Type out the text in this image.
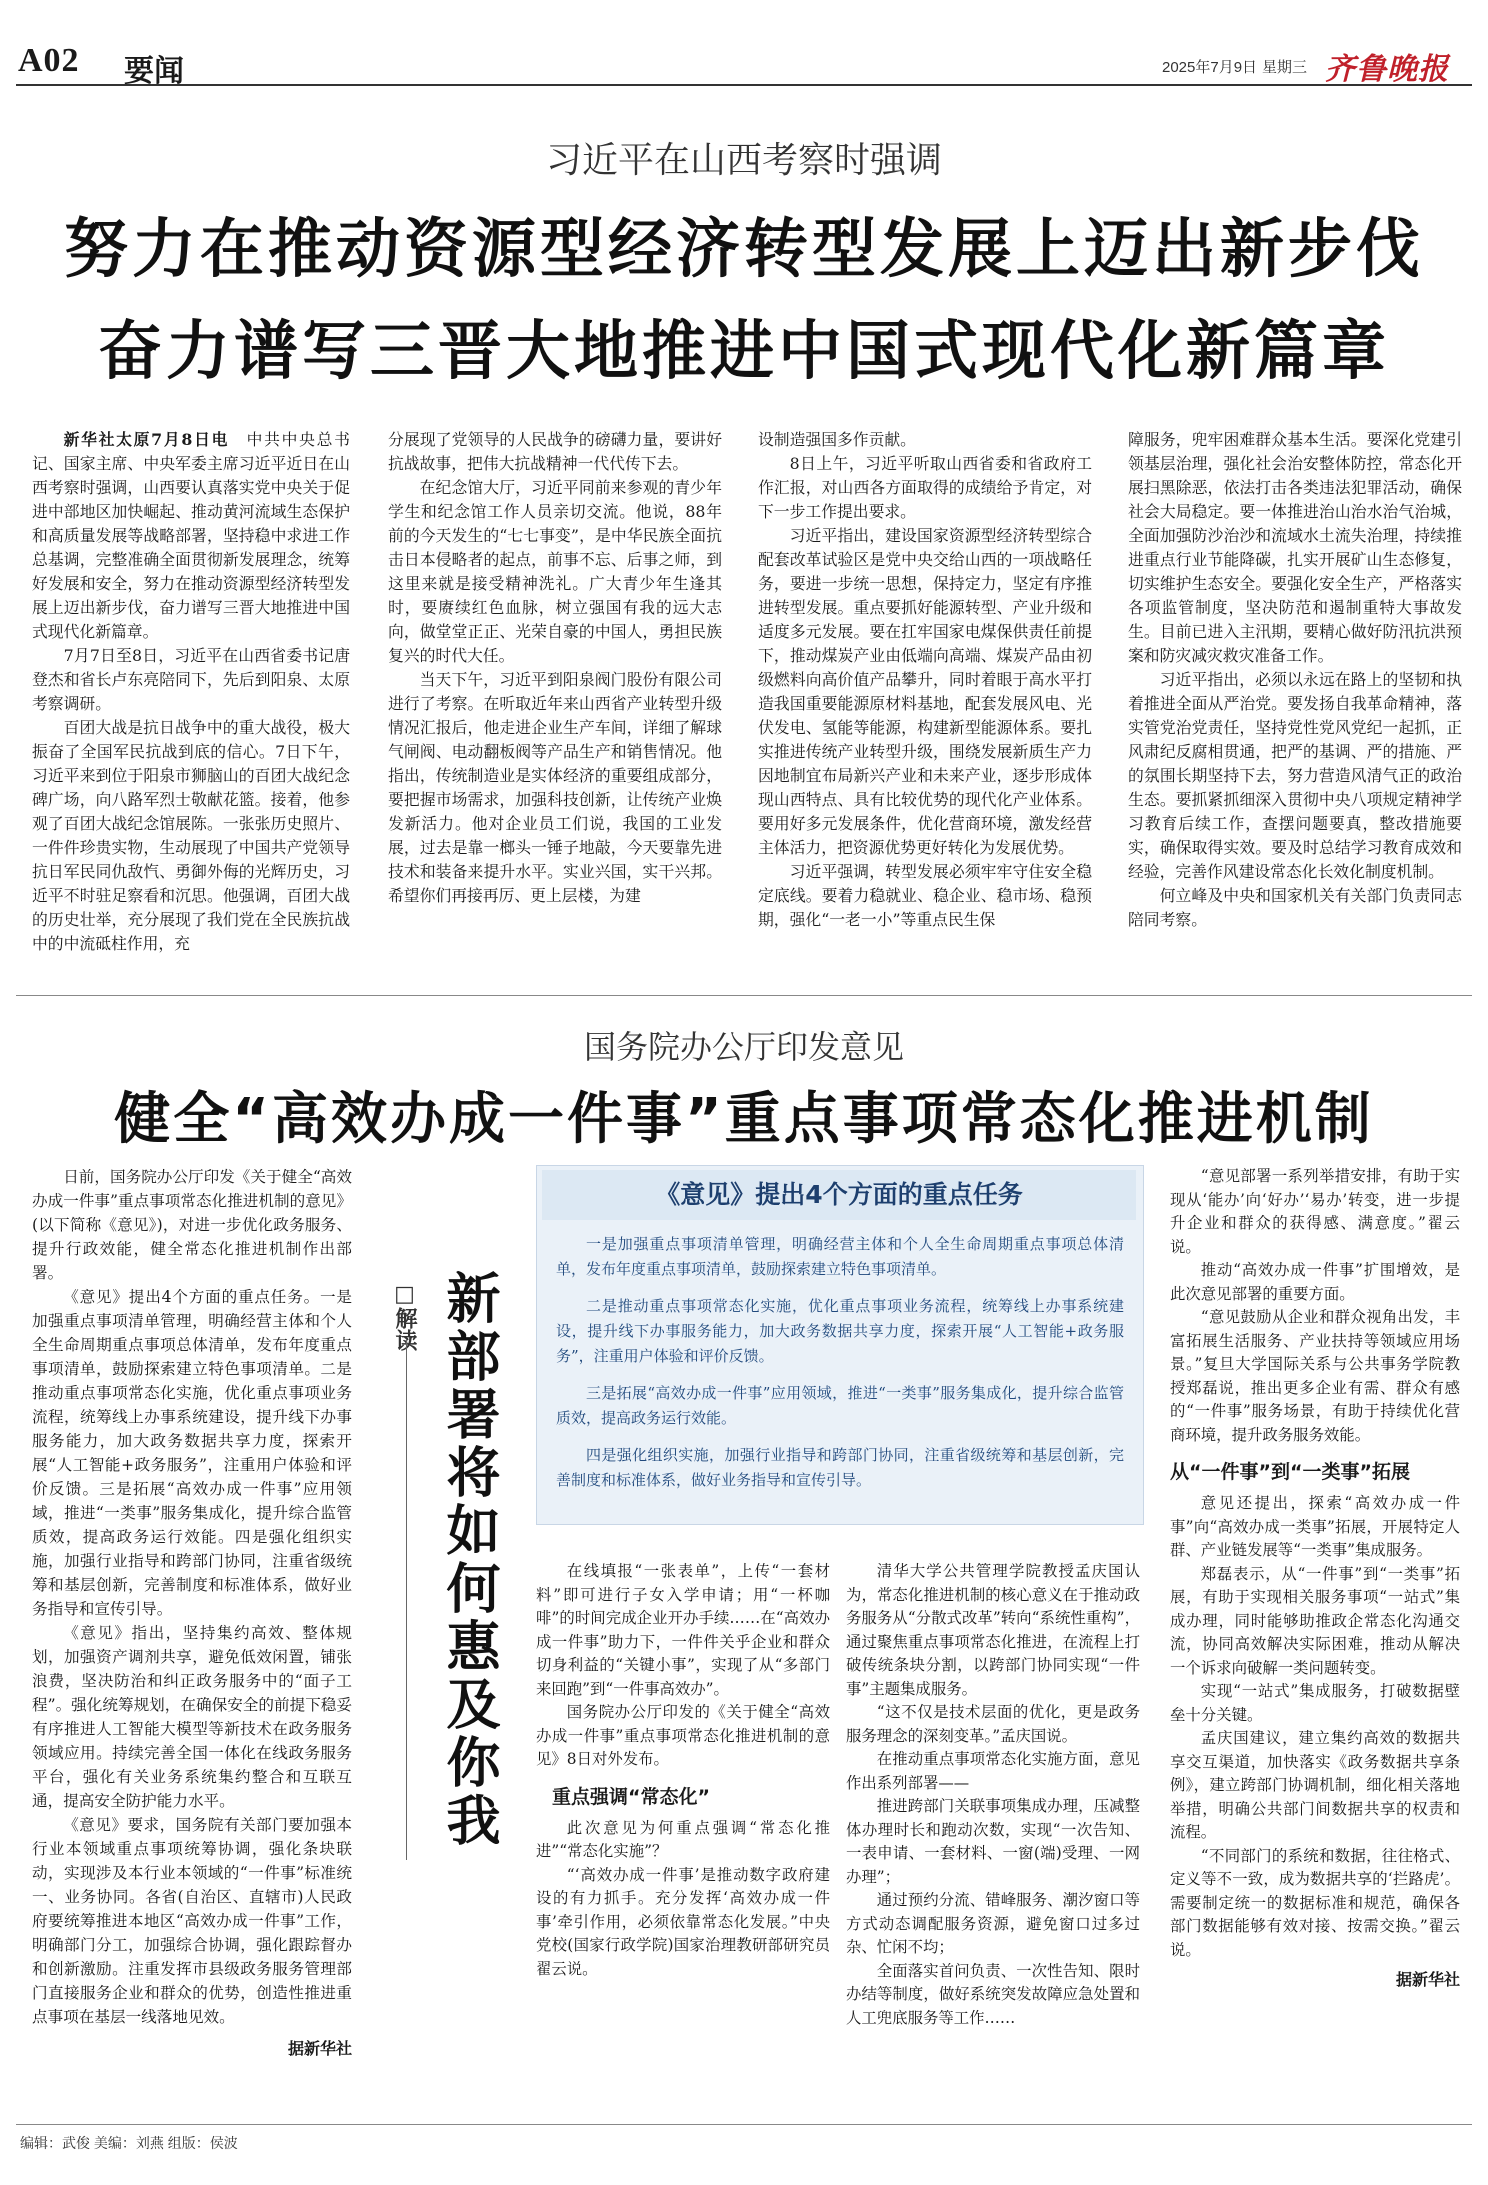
A02 要闻	2025年7月9日 星期三 齐鲁晚报
习近平在山西考察时强调
努力在推动资源型经济转型发展上迈出新步伐
奋力谱写三晋大地推进中国式现代化新篇章

新华社太原7月8日电　 中共中央总书记、国家主席、中央军委主席习近平近日在山西考察时强调，山西要认真落实党中央关于促进中部地区加快崛起、推动黄河流域生态保护和高质量发展等战略部署，坚持稳中求进工作总基调，完整准确全面贯彻新发展理念，统筹好发展和安全，努力在推动资源型经济转型发展上迈出新步伐，奋力谱写三晋大地推进中国式现代化新篇章。

7月7日至8日，习近平在山西省委书记唐登杰和省长卢东亮陪同下，先后到阳泉、太原考察调研。

百团大战是抗日战争中的重大战役，极大振奋了全国军民抗战到底的信心。7日下午，习近平来到位于阳泉市狮脑山的百团大战纪念碑广场，向八路军烈士敬献花篮。接着，他参观了百团大战纪念馆展陈。一张张历史照片、一件件珍贵实物，生动展现了中国共产党领导抗日军民同仇敌忾、勇御外侮的光辉历史，习近平不时驻足察看和沉思。他强调，百团大战的历史壮举，充分展现了我们党在全民族抗战中的中流砥柱作用，充

分展现了党领导的人民战争的磅礴力量，要讲好抗战故事，把伟大抗战精神一代代传下去。

在纪念馆大厅，习近平同前来参观的青少年学生和纪念馆工作人员亲切交流。他说，88年前的今天发生的“七七事变”，是中华民族全面抗击日本侵略者的起点，前事不忘、后事之师，到这里来就是接受精神洗礼。广大青少年生逢其时，要赓续红色血脉，树立强国有我的远大志向，做堂堂正正、光荣自豪的中国人，勇担民族复兴的时代大任。

当天下午，习近平到阳泉阀门股份有限公司进行了考察。在听取近年来山西省产业转型升级情况汇报后，他走进企业生产车间，详细了解球气闸阀、电动翻板阀等产品生产和销售情况。他指出，传统制造业是实体经济的重要组成部分，要把握市场需求，加强科技创新，让传统产业焕发新活力。他对企业员工们说，我国的工业发展，过去是靠一榔头一锤子地敲，今天要靠先进技术和装备来提升水平。实业兴国，实干兴邦。希望你们再接再厉、更上层楼，为建

设制造强国多作贡献。

8日上午，习近平听取山西省委和省政府工作汇报，对山西各方面取得的成绩给予肯定，对下一步工作提出要求。

习近平指出，建设国家资源型经济转型综合配套改革试验区是党中央交给山西的一项战略任务，要进一步统一思想，保持定力，坚定有序推进转型发展。重点要抓好能源转型、产业升级和适度多元发展。要在扛牢国家电煤保供责任前提下，推动煤炭产业由低端向高端、煤炭产品由初级燃料向高价值产品攀升，同时着眼于高水平打造我国重要能源原材料基地，配套发展风电、光伏发电、氢能等能源，构建新型能源体系。要扎实推进传统产业转型升级，围绕发展新质生产力因地制宜布局新兴产业和未来产业，逐步形成体现山西特点、具有比较优势的现代化产业体系。要用好多元发展条件，优化营商环境，激发经营主体活力，把资源优势更好转化为发展优势。

习近平强调，转型发展必须牢牢守住安全稳定底线。要着力稳就业、稳企业、稳市场、稳预期，强化“一老一小”等重点民生保

障服务，兜牢困难群众基本生活。要深化党建引领基层治理，强化社会治安整体防控，常态化开展扫黑除恶，依法打击各类违法犯罪活动，确保社会大局稳定。要一体推进治山治水治气治城，全面加强防沙治沙和流域水土流失治理，持续推进重点行业节能降碳，扎实开展矿山生态修复，切实维护生态安全。要强化安全生产，严格落实各项监管制度，坚决防范和遏制重特大事故发生。目前已进入主汛期，要精心做好防汛抗洪预案和防灾减灾救灾准备工作。

习近平指出，必须以永远在路上的坚韧和执着推进全面从严治党。要发扬自我革命精神，落实管党治党责任，坚持党性党风党纪一起抓，正风肃纪反腐相贯通，把严的基调、严的措施、严的氛围长期坚持下去，努力营造风清气正的政治生态。要抓紧抓细深入贯彻中央八项规定精神学习教育后续工作，查摆问题要真，整改措施要实，确保取得实效。要及时总结学习教育成效和经验，完善作风建设常态化长效化制度机制。

何立峰及中央和国家机关有关部门负责同志陪同考察。

国务院办公厅印发意见
健全“高效办成一件事”重点事项常态化推进机制

日前，国务院办公厅印发《关于健全“高效办成一件事”重点事项常态化推进机制的意见》(以下简称《意见》)，对进一步优化政务服务、提升行政效能，健全常态化推进机制作出部署。

《意见》提出4个方面的重点任务。一是加强重点事项清单管理，明确经营主体和个人全生命周期重点事项总体清单，发布年度重点事项清单，鼓励探索建立特色事项清单。二是推动重点事项常态化实施，优化重点事项业务流程，统筹线上办事系统建设，提升线下办事服务能力，加大政务数据共享力度，探索开展“人工智能+政务服务”，注重用户体验和评价反馈。三是拓展“高效办成一件事”应用领域，推进“一类事”服务集成化，提升综合监管质效，提高政务运行效能。四是强化组织实施，加强行业指导和跨部门协同，注重省级统筹和基层创新，完善制度和标准体系，做好业务指导和宣传引导。

《意见》指出，坚持集约高效、整体规划，加强资产调剂共享，避免低效闲置，铺张浪费，坚决防治和纠正政务服务中的“面子工程”。强化统筹规划，在确保安全的前提下稳妥有序推进人工智能大模型等新技术在政务服务领域应用。持续完善全国一体化在线政务服务平台，强化有关业务系统集约整合和互联互通，提高安全防护能力水平。

《意见》要求，国务院有关部门要加强本行业本领域重点事项统筹协调，强化条块联动，实现涉及本行业本领域的“一件事”标准统一、业务协同。各省(自治区、直辖市)人民政府要统筹推进本地区“高效办成一件事”工作，明确部门分工，加强综合协调，强化跟踪督办和创新激励。注重发挥市县级政务服务管理部门直接服务企业和群众的优势，创造性推进重点事项在基层一线落地见效。

据新华社
《意见》提出4个方面的重点任务

一是加强重点事项清单管理，明确经营主体和个人全生命周期重点事项总体清单，发布年度重点事项清单，鼓励探索建立特色事项清单。

二是推动重点事项常态化实施，优化重点事项业务流程，统筹线上办事系统建设，提升线下办事服务能力，加大政务数据共享力度，探索开展“人工智能+政务服务”，注重用户体验和评价反馈。

三是拓展“高效办成一件事”应用领域，推进“一类事”服务集成化，提升综合监管质效，提高政务运行效能。

四是强化组织实施，加强行业指导和跨部门协同，注重省级统筹和基层创新，完善制度和标准体系，做好业务指导和宣传引导。

□解读 新部署将如何惠及你我	在线填报“一张表单”，上传“一套材料”即可进行子女入学申请；用“一杯咖啡”的时间完成企业开办手续……在“高效办成一件事”助力下，一件件关乎企业和群众切身利益的“关键小事”，实现了从“多部门来回跑”到“一件事高效办”。

国务院办公厅印发的《关于健全“高效办成一件事”重点事项常态化推进机制的意见》8日对外发布。

重点强调“常态化”

此次意见为何重点强调“常态化推进”“常态化实施”？

“‘高效办成一件事’是推动数字政府建设的有力抓手。充分发挥‘高效办成一件事’牵引作用，必须依靠常态化发展。”中央党校(国家行政学院)国家治理教研部研究员翟云说。

清华大学公共管理学院教授孟庆国认为，常态化推进机制的核心意义在于推动政务服务从“分散式改革”转向“系统性重构”，通过聚焦重点事项常态化推进，在流程上打破传统条块分割，以跨部门协同实现“一件事”主题集成服务。

“这不仅是技术层面的优化，更是政务服务理念的深刻变革。”孟庆国说。

在推动重点事项常态化实施方面，意见作出系列部署——

推进跨部门关联事项集成办理，压减整体办理时长和跑动次数，实现“一次告知、一表申请、一套材料、一窗(端)受理、一网办理”；

通过预约分流、错峰服务、潮汐窗口等方式动态调配服务资源，避免窗口过多过杂、忙闲不均；

全面落实首问负责、一次性告知、限时办结等制度，做好系统突发故障应急处置和人工兜底服务等工作……

“意见部署一系列举措安排，有助于实现从‘能办’向‘好办’‘易办’转变，进一步提升企业和群众的获得感、满意度。”翟云说。

推动“高效办成一件事”扩围增效，是此次意见部署的重要方面。

“意见鼓励从企业和群众视角出发，丰富拓展生活服务、产业扶持等领域应用场景。”复旦大学国际关系与公共事务学院教授郑磊说，推出更多企业有需、群众有感的“一件事”服务场景，有助于持续优化营商环境，提升政务服务效能。

从“一件事”到“一类事”拓展

意见还提出，探索“高效办成一件事”向“高效办成一类事”拓展，开展特定人群、产业链发展等“一类事”集成服务。

郑磊表示，从“一件事”到“一类事”拓展，有助于实现相关服务事项“一站式”集成办理，同时能够助推政企常态化沟通交流，协同高效解决实际困难，推动从解决一个诉求向破解一类问题转变。

实现“一站式”集成服务，打破数据壁垒十分关键。

孟庆国建议，建立集约高效的数据共享交互渠道，加快落实《政务数据共享条例》，建立跨部门协调机制，细化相关落地举措，明确公共部门间数据共享的权责和流程。

“不同部门的系统和数据，往往格式、定义等不一致，成为数据共享的‘拦路虎’。需要制定统一的数据标准和规范，确保各部门数据能够有效对接、按需交换。”翟云说。

据新华社
编辑：武俊 美编：刘燕 组版：侯波
